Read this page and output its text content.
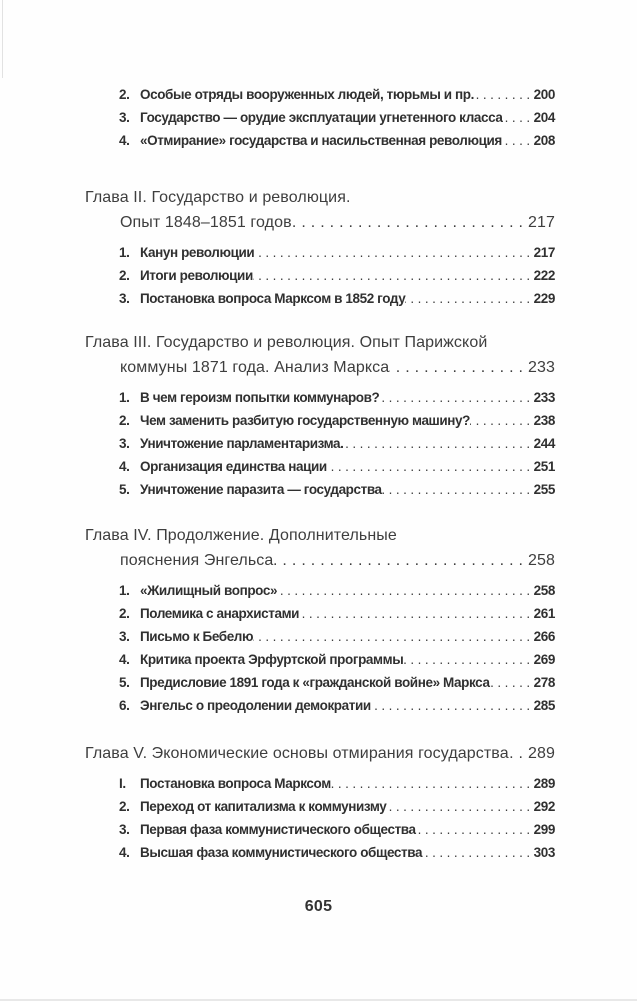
2. Особые отряды вооруженных людей, тюрьмы и пр. .....	200
3. Государство — орудие эксплуатации угнетенного класса ..... 204
4. «Отмирание» государства и насильственная революция ..... 208
Глава II. Государство и революция.
Опыт 1848–1851 годов .....	217
1. Канун революции .....	217
2. Итоги революции .....	222
3. Постановка вопроса Марксом в 1852 году .....	229
Глава III. Государство и революция. Опыт Парижской
коммуны 1871 года. Анализ Маркса .....	233
1. В чем героизм попытки коммунаров? .....	233
2. Чем заменить разбитую государственную машину? .....	238
3. Уничтожение парламентаризма. .....	244
4. Организация единства нации .....	251
5. Уничтожение паразита — государства .....	255
Глава IV. Продолжение. Дополнительные
пояснения Энгельса .....	258
1. «Жилищный вопрос» .....	258
2. Полемика с анархистами .....	261
3. Письмо к Бебелю .....	266
4. Критика проекта Эрфуртской программы .....	269
5. Предисловие 1891 года к «гражданской войне» Маркса .....	278
6. Энгельс о преодолении демократии .....	285
Глава V. Экономические основы отмирания государства ..... 289
I.	Постановка вопроса Марксом .....	289
2. Переход от капитализма к коммунизму .....	292
3. Первая фаза коммунистического общества .....	299
4. Высшая фаза коммунистического общества .....	303
605
